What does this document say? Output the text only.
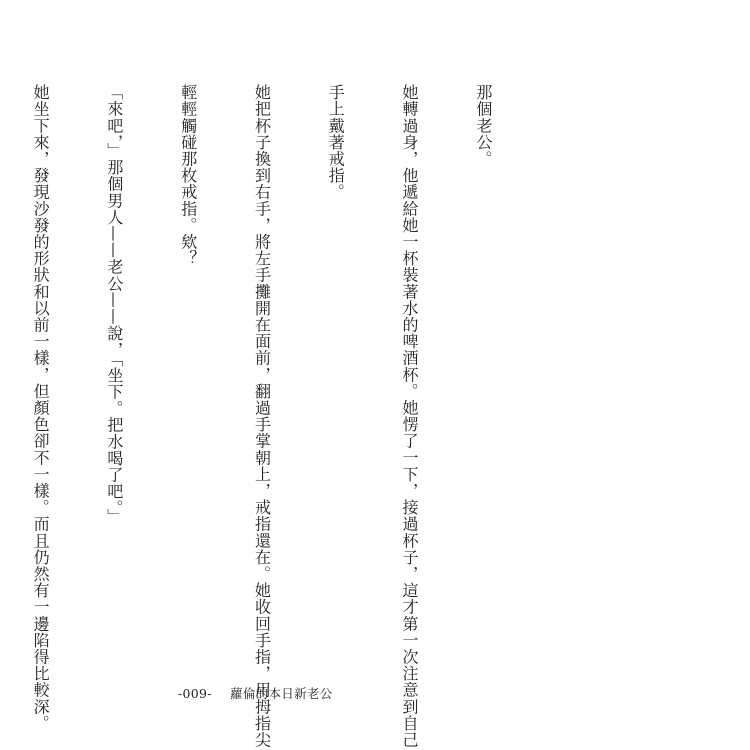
那個老公。

她轉過身，他遞給她一杯裝著水的啤酒杯。她愣了一下，接過杯子，這才第一次注意到自己

手上戴著戒指。

她把杯子換到右手，將左手攤開在面前，翻過手掌朝上，戒指還在。她收回手指，用拇指尖

輕輕觸碰那枚戒指。欸？

「來吧，」那個男人——老公——說，「坐下。把水喝了吧。」

她坐下來，發現沙發的形狀和以前一樣，但顏色卻不一樣。而且仍然有一邊陷得比較深。

	-009- 蘿倫的本日新老公
